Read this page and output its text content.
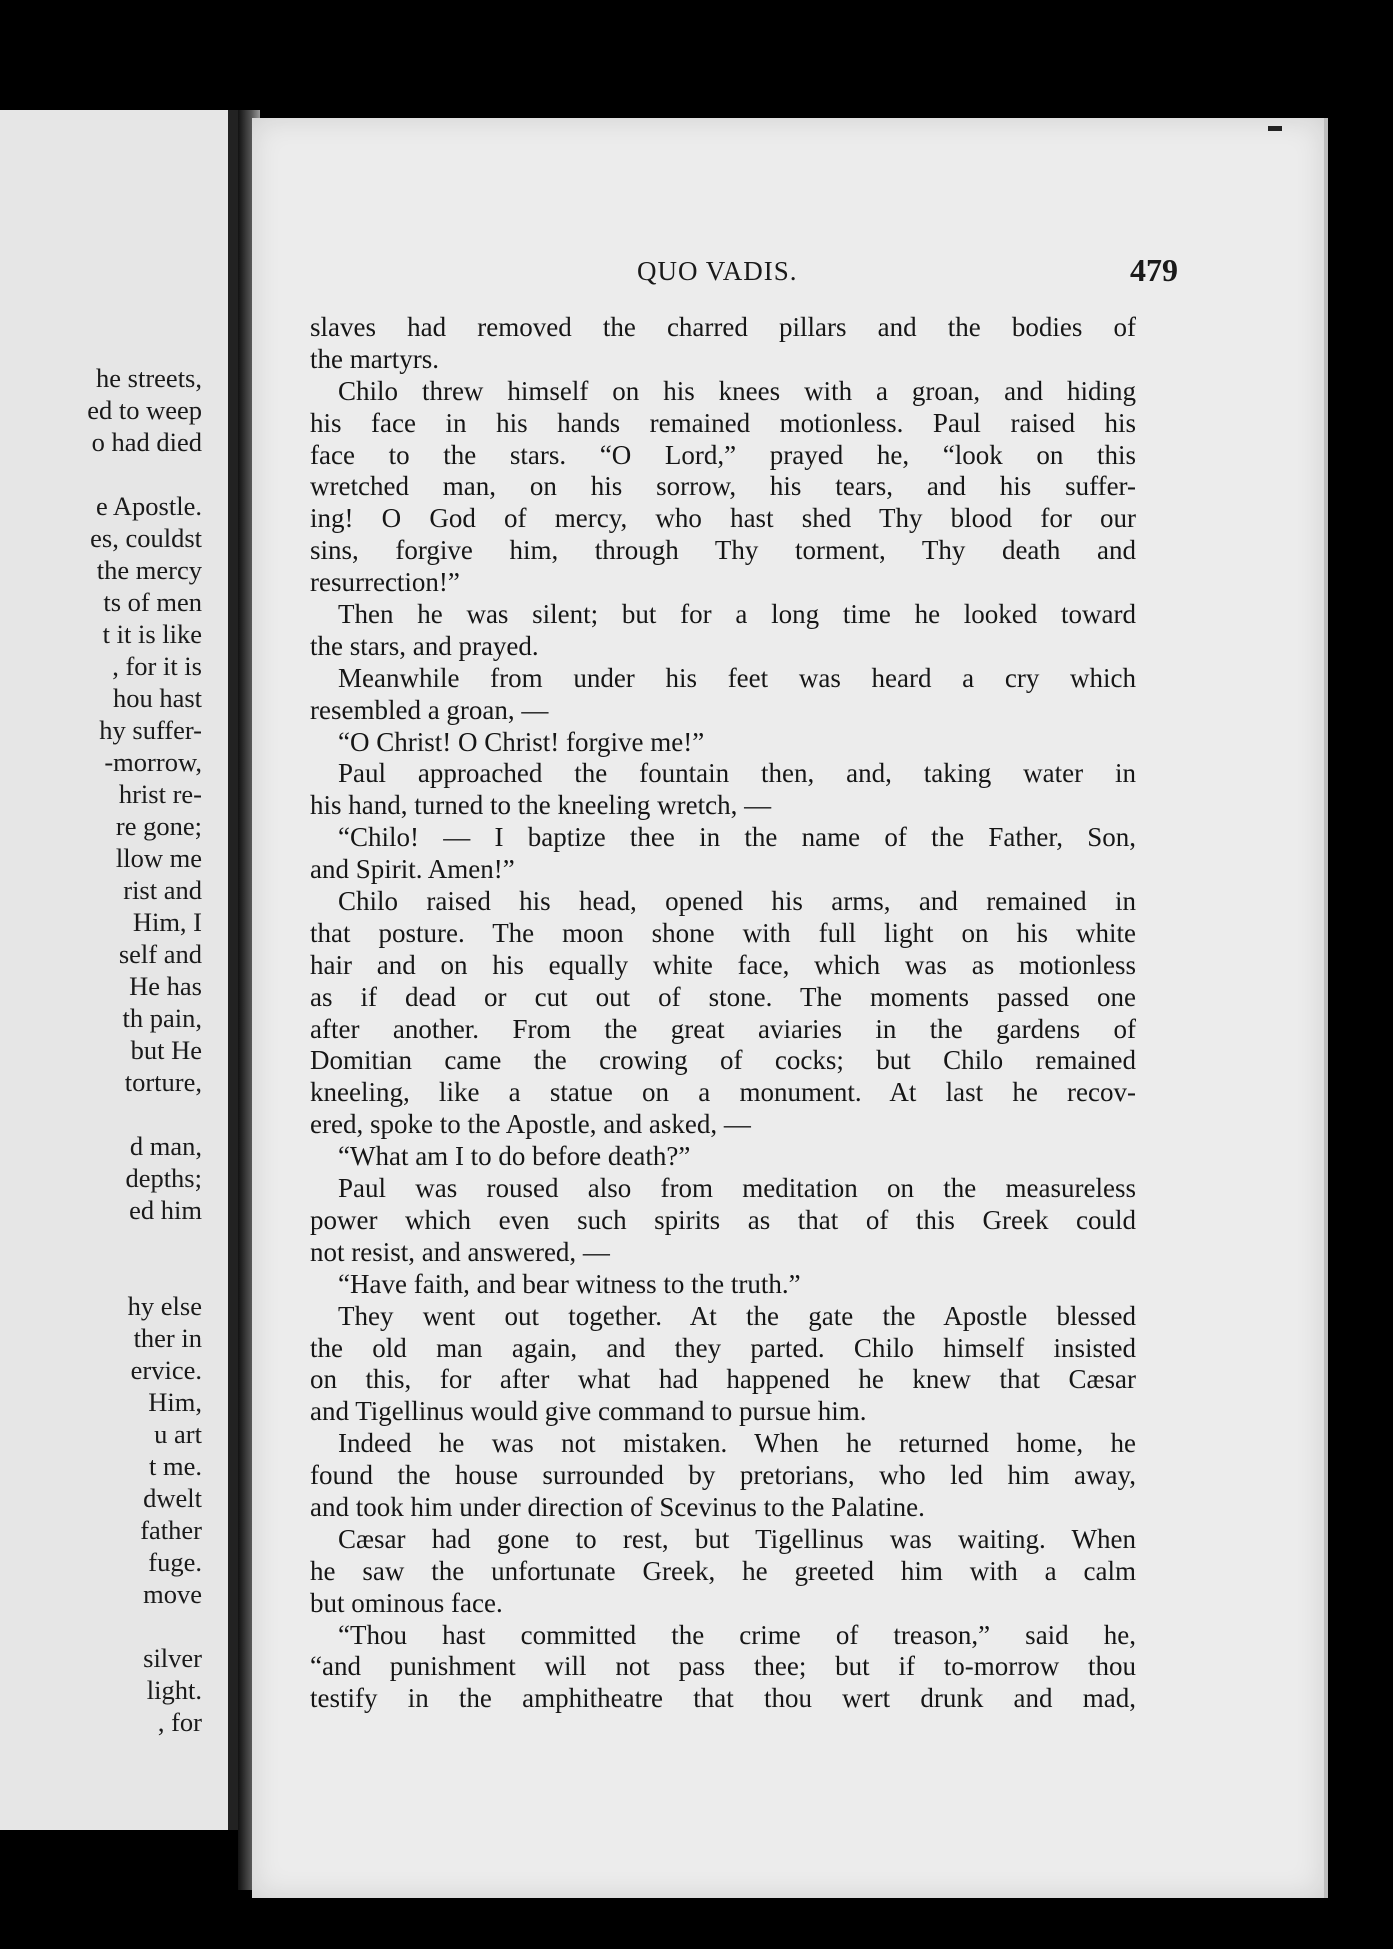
he streets,
ed to weep
o had died
e Apostle.
es, couldst
the mercy
ts of men
t it is like
, for it is
hou hast
hy suffer-
-morrow,
hrist re-
re gone;
llow me
rist and
Him, I
self and
He has
th pain,
but He
torture,
d man,
depths;
ed him
hy else
ther in
ervice.
Him,
u art
t me.
dwelt
father
fuge.
move
silver
light.
, for
QUO VADIS.	479
slaves had removed the charred pillars and the bodies of
the martyrs.
Chilo threw himself on his knees with a groan, and hiding
his face in his hands remained motionless. Paul raised his
face to the stars. “O Lord,” prayed he, “look on this
wretched man, on his sorrow, his tears, and his suffer-
ing! O God of mercy, who hast shed Thy blood for our
sins, forgive him, through Thy torment, Thy death and
resurrection!”
Then he was silent; but for a long time he looked toward
the stars, and prayed.
Meanwhile from under his feet was heard a cry which
resembled a groan, —
“O Christ! O Christ! forgive me!”
Paul approached the fountain then, and, taking water in
his hand, turned to the kneeling wretch, —
“Chilo! — I baptize thee in the name of the Father, Son,
and Spirit. Amen!”
Chilo raised his head, opened his arms, and remained in
that posture. The moon shone with full light on his white
hair and on his equally white face, which was as motionless
as if dead or cut out of stone. The moments passed one
after another. From the great aviaries in the gardens of
Domitian came the crowing of cocks; but Chilo remained
kneeling, like a statue on a monument. At last he recov-
ered, spoke to the Apostle, and asked, —
“What am I to do before death?”
Paul was roused also from meditation on the measureless
power which even such spirits as that of this Greek could
not resist, and answered, —
“Have faith, and bear witness to the truth.”
They went out together. At the gate the Apostle blessed
the old man again, and they parted. Chilo himself insisted
on this, for after what had happened he knew that Cæsar
and Tigellinus would give command to pursue him.
Indeed he was not mistaken. When he returned home, he
found the house surrounded by pretorians, who led him away,
and took him under direction of Scevinus to the Palatine.
Cæsar had gone to rest, but Tigellinus was waiting. When
he saw the unfortunate Greek, he greeted him with a calm
but ominous face.
“Thou hast committed the crime of treason,” said he,
“and punishment will not pass thee; but if to-morrow thou
testify in the amphitheatre that thou wert drunk and mad,
